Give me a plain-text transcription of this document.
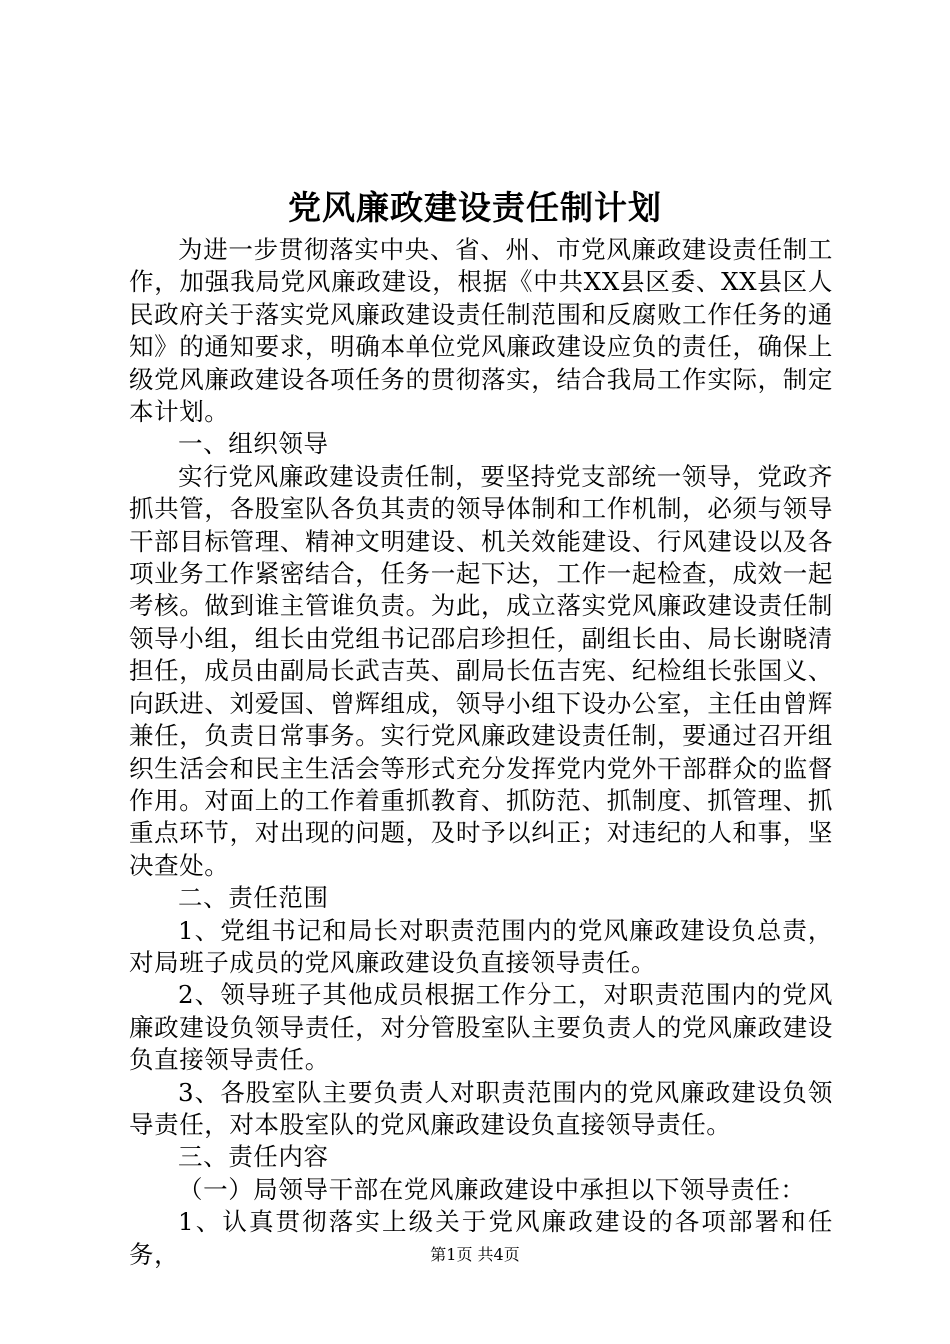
党风廉政建设责任制计划

为进一步贯彻落实中央、省、州、市党风廉政建设责任制工作，加强我局党风廉政建设，根据《中共XX县区委、XX县区人民政府关于落实党风廉政建设责任制范围和反腐败工作任务的通知》的通知要求，明确本单位党风廉政建设应负的责任，确保上级党风廉政建设各项任务的贯彻落实，结合我局工作实际，制定本计划。

一、组织领导

实行党风廉政建设责任制，要坚持党支部统一领导，党政齐抓共管，各股室队各负其责的领导体制和工作机制，必须与领导干部目标管理、精神文明建设、机关效能建设、行风建设以及各项业务工作紧密结合，任务一起下达，工作一起检查，成效一起考核。做到谁主管谁负责。为此，成立落实党风廉政建设责任制领导小组，组长由党组书记邵启珍担任，副组长由、局长谢晓清担任，成员由副局长武吉英、副局长伍吉宪、纪检组长张国义、向跃进、刘爱国、曾辉组成，领导小组下设办公室，主任由曾辉兼任，负责日常事务。实行党风廉政建设责任制，要通过召开组织生活会和民主生活会等形式充分发挥党内党外干部群众的监督作用。对面上的工作着重抓教育、抓防范、抓制度、抓管理、抓重点环节，对出现的问题，及时予以纠正；对违纪的人和事，坚决查处。

二、责任范围

1、党组书记和局长对职责范围内的党风廉政建设负总责，对局班子成员的党风廉政建设负直接领导责任。

2、领导班子其他成员根据工作分工，对职责范围内的党风廉政建设负领导责任，对分管股室队主要负责人的党风廉政建设负直接领导责任。

3、各股室队主要负责人对职责范围内的党风廉政建设负领导责任，对本股室队的党风廉政建设负直接领导责任。

三、责任内容

（一）局领导干部在党风廉政建设中承担以下领导责任：

1、认真贯彻落实上级关于党风廉政建设的各项部署和任务，	第1页 共4页
